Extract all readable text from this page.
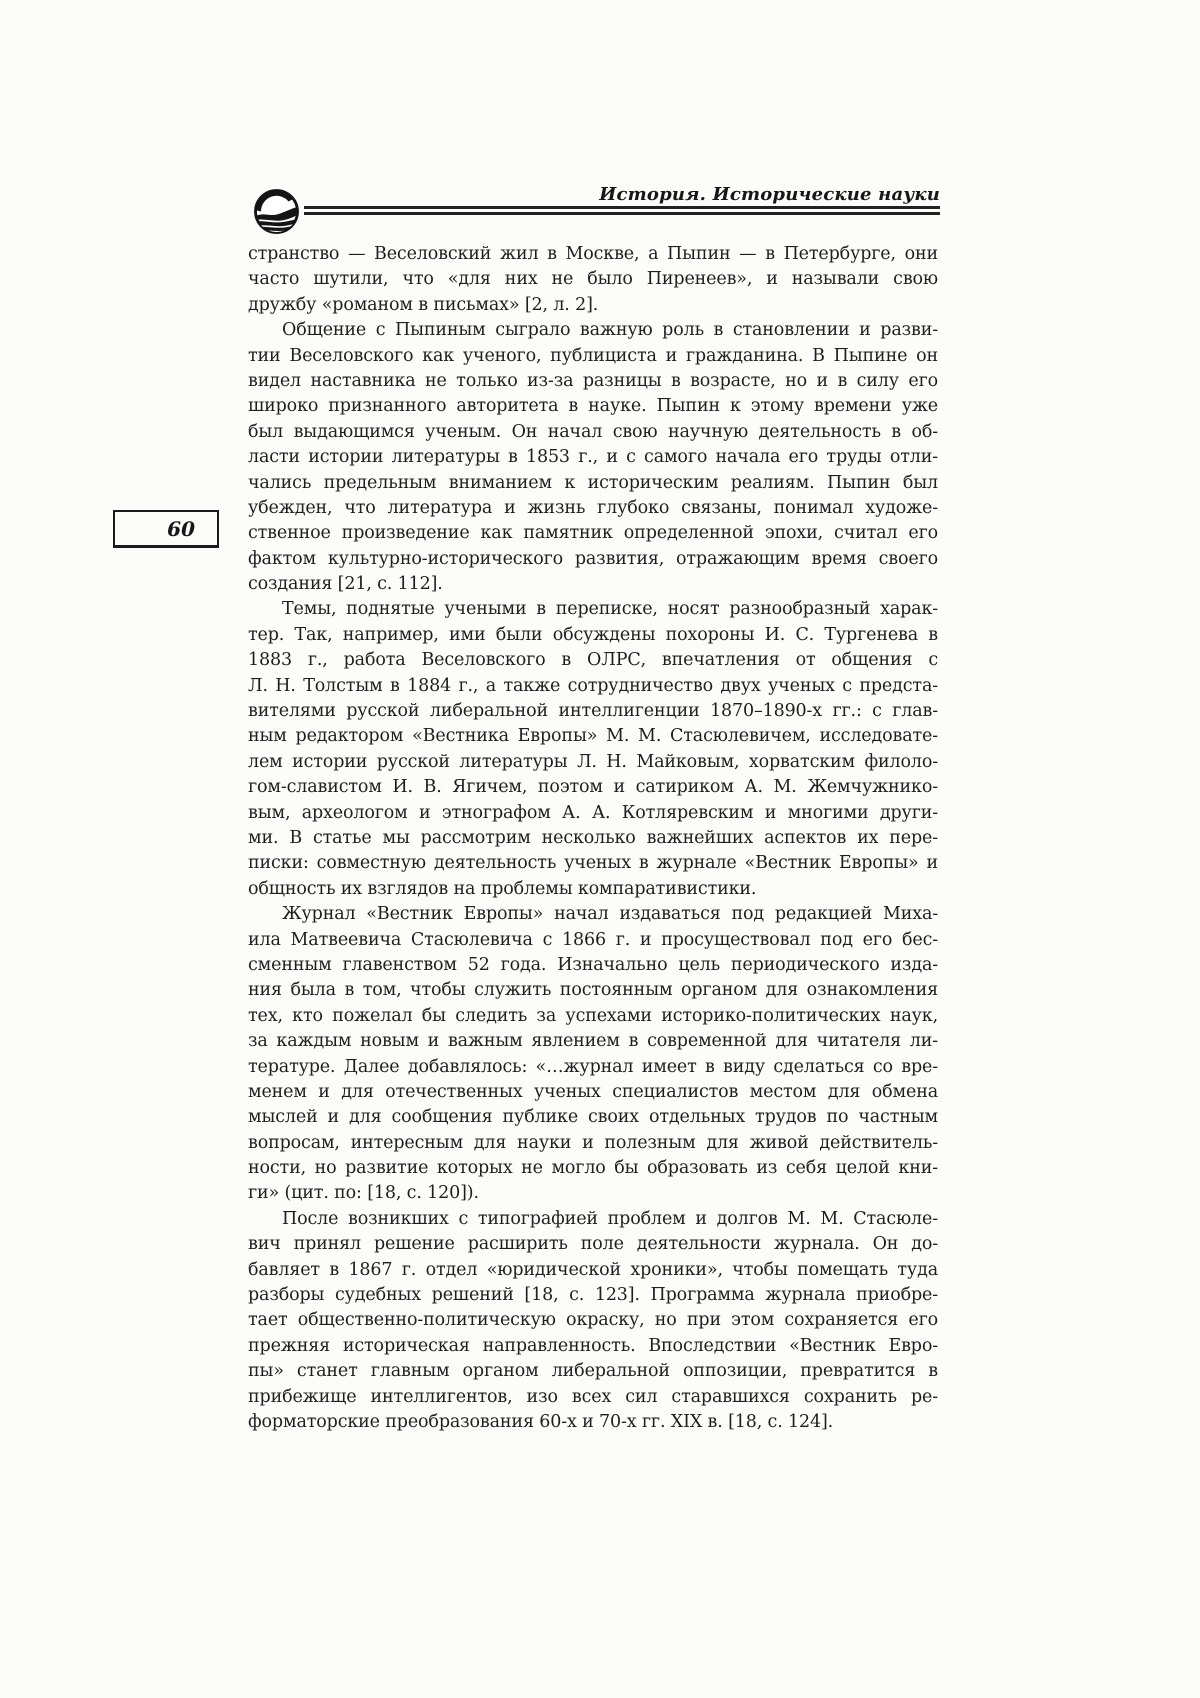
История. Исторические науки
60

странство — Веселовский жил в Москве, а Пыпин — в Петербурге, они
часто шутили, что «для них не было Пиренеев», и называли свою
дружбу «романом в письмах» [2, л. 2].

Общение с Пыпиным сыграло важную роль в становлении и разви-
тии Веселовского как ученого, публициста и гражданина. В Пыпине он
видел наставника не только из-за разницы в возрасте, но и в силу его
широко признанного авторитета в науке. Пыпин к этому времени уже
был выдающимся ученым. Он начал свою научную деятельность в об-
ласти истории литературы в 1853 г., и с самого начала его труды отли-
чались предельным вниманием к историческим реалиям. Пыпин был
убежден, что литература и жизнь глубоко связаны, понимал художе-
ственное произведение как памятник определенной эпохи, считал его
фактом культурно-исторического развития, отражающим время своего
создания [21, с. 112].

Темы, поднятые учеными в переписке, носят разнообразный харак-
тер. Так, например, ими были обсуждены похороны И. С. Тургенева в
1883 г., работа Веселовского в ОЛРС, впечатления от общения с
Л. Н. Толстым в 1884 г., а также сотрудничество двух ученых с предста-
вителями русской либеральной интеллигенции 1870–1890-х гг.: с глав-
ным редактором «Вестника Европы» М. М. Стасюлевичем, исследовате-
лем истории русской литературы Л. Н. Майковым, хорватским филоло-
гом-славистом И. В. Ягичем, поэтом и сатириком А. М. Жемчужнико-
вым, археологом и этнографом А. А. Котляревским и многими други-
ми. В статье мы рассмотрим несколько важнейших аспектов их пере-
писки: совместную деятельность ученых в журнале «Вестник Европы» и
общность их взглядов на проблемы компаративистики.

Журнал «Вестник Европы» начал издаваться под редакцией Миха-
ила Матвеевича Стасюлевича с 1866 г. и просуществовал под его бес-
сменным главенством 52 года. Изначально цель периодического изда-
ния была в том, чтобы служить постоянным органом для ознакомления
тех, кто пожелал бы следить за успехами историко-политических наук,
за каждым новым и важным явлением в современной для читателя ли-
тературе. Далее добавлялось: «…журнал имеет в виду сделаться со вре-
менем и для отечественных ученых специалистов местом для обмена
мыслей и для сообщения публике своих отдельных трудов по частным
вопросам, интересным для науки и полезным для живой действитель-
ности, но развитие которых не могло бы образовать из себя целой кни-
ги» (цит. по: [18, с. 120]).

После возникших с типографией проблем и долгов М. М. Стасюле-
вич принял решение расширить поле деятельности журнала. Он до-
бавляет в 1867 г. отдел «юридической хроники», чтобы помещать туда
разборы судебных решений [18, с. 123]. Программа журнала приобре-
тает общественно-политическую окраску, но при этом сохраняется его
прежняя историческая направленность. Впоследствии «Вестник Евро-
пы» станет главным органом либеральной оппозиции, превратится в
прибежище интеллигентов, изо всех сил старавшихся сохранить ре-
форматорские преобразования 60-х и 70-х гг. XIX в. [18, с. 124].
